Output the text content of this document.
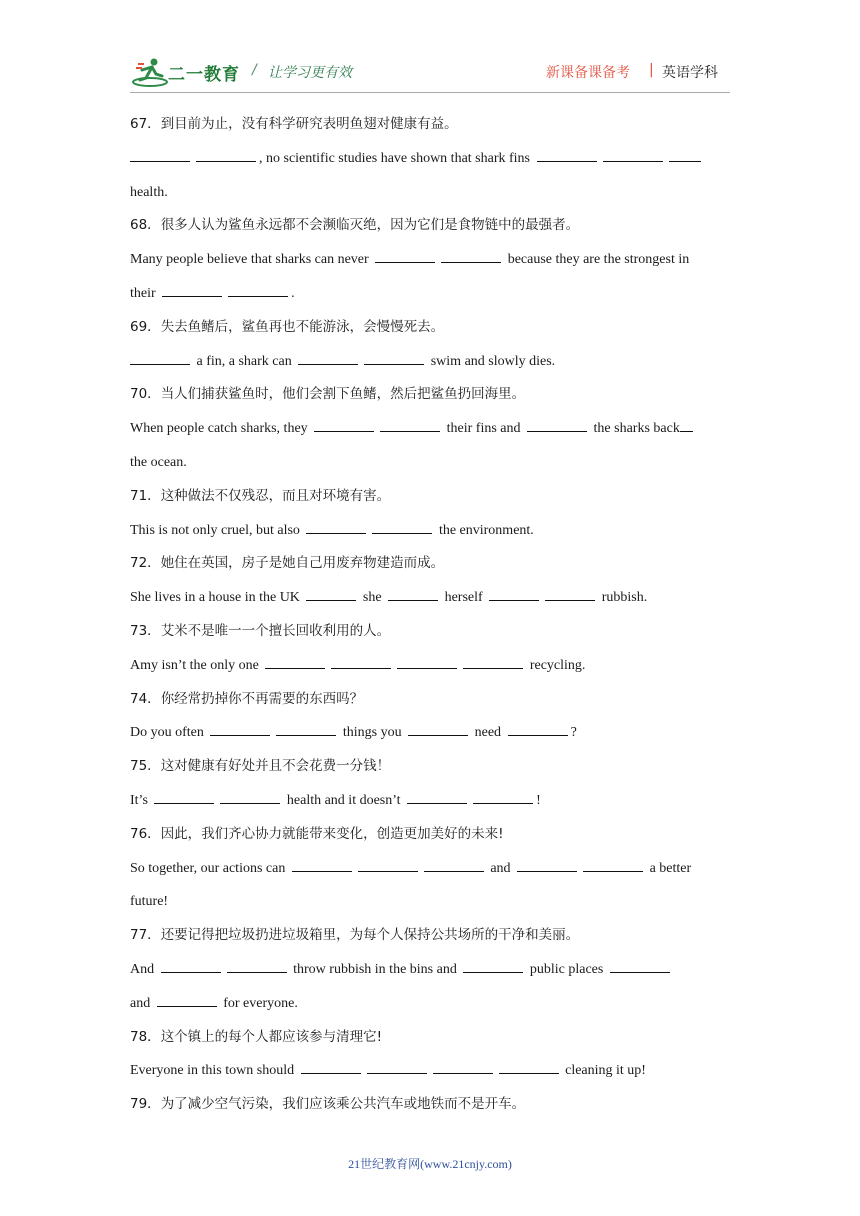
二一教育 / 让学习更有效	新课备课备考 | 英语学科
67．到目前为止，没有科学研究表明鱼翅对健康有益。
, no scientific studies have shown that shark fins
health.
68．很多人认为鲨鱼永远都不会濒临灭绝，因为它们是食物链中的最强者。
Many people believe that sharks can never	because they are the strongest in
their	.
69．失去鱼鳍后，鲨鱼再也不能游泳，会慢慢死去。
a fin, a shark can	swim and slowly dies.
70．当人们捕获鲨鱼时，他们会割下鱼鳍，然后把鲨鱼扔回海里。
When people catch sharks, they	their fins and	the sharks back
the ocean.
71．这种做法不仅残忍，而且对环境有害。
This is not only cruel, but also	the environment.
72．她住在英国，房子是她自己用废弃物建造而成。
She lives in a house in the UK	she	herself	rubbish.
73．艾米不是唯一一个擅长回收利用的人。
Amy isn’t the only one	recycling.
74．你经常扔掉你不再需要的东西吗？
Do you often	things you	need	?
75．这对健康有好处并且不会花费一分钱！
It’s	health and it doesn’t	!
76．因此，我们齐心协力就能带来变化，创造更加美好的未来!
So together, our actions can	and	a better
future!
77．还要记得把垃圾扔进垃圾箱里，为每个人保持公共场所的干净和美丽。
And	throw rubbish in the bins and	public places
and	for everyone.
78．这个镇上的每个人都应该参与清理它!
Everyone in this town should	cleaning it up!
79．为了减少空气污染，我们应该乘公共汽车或地铁而不是开车。
21世纪教育网(www.21cnjy.com)
